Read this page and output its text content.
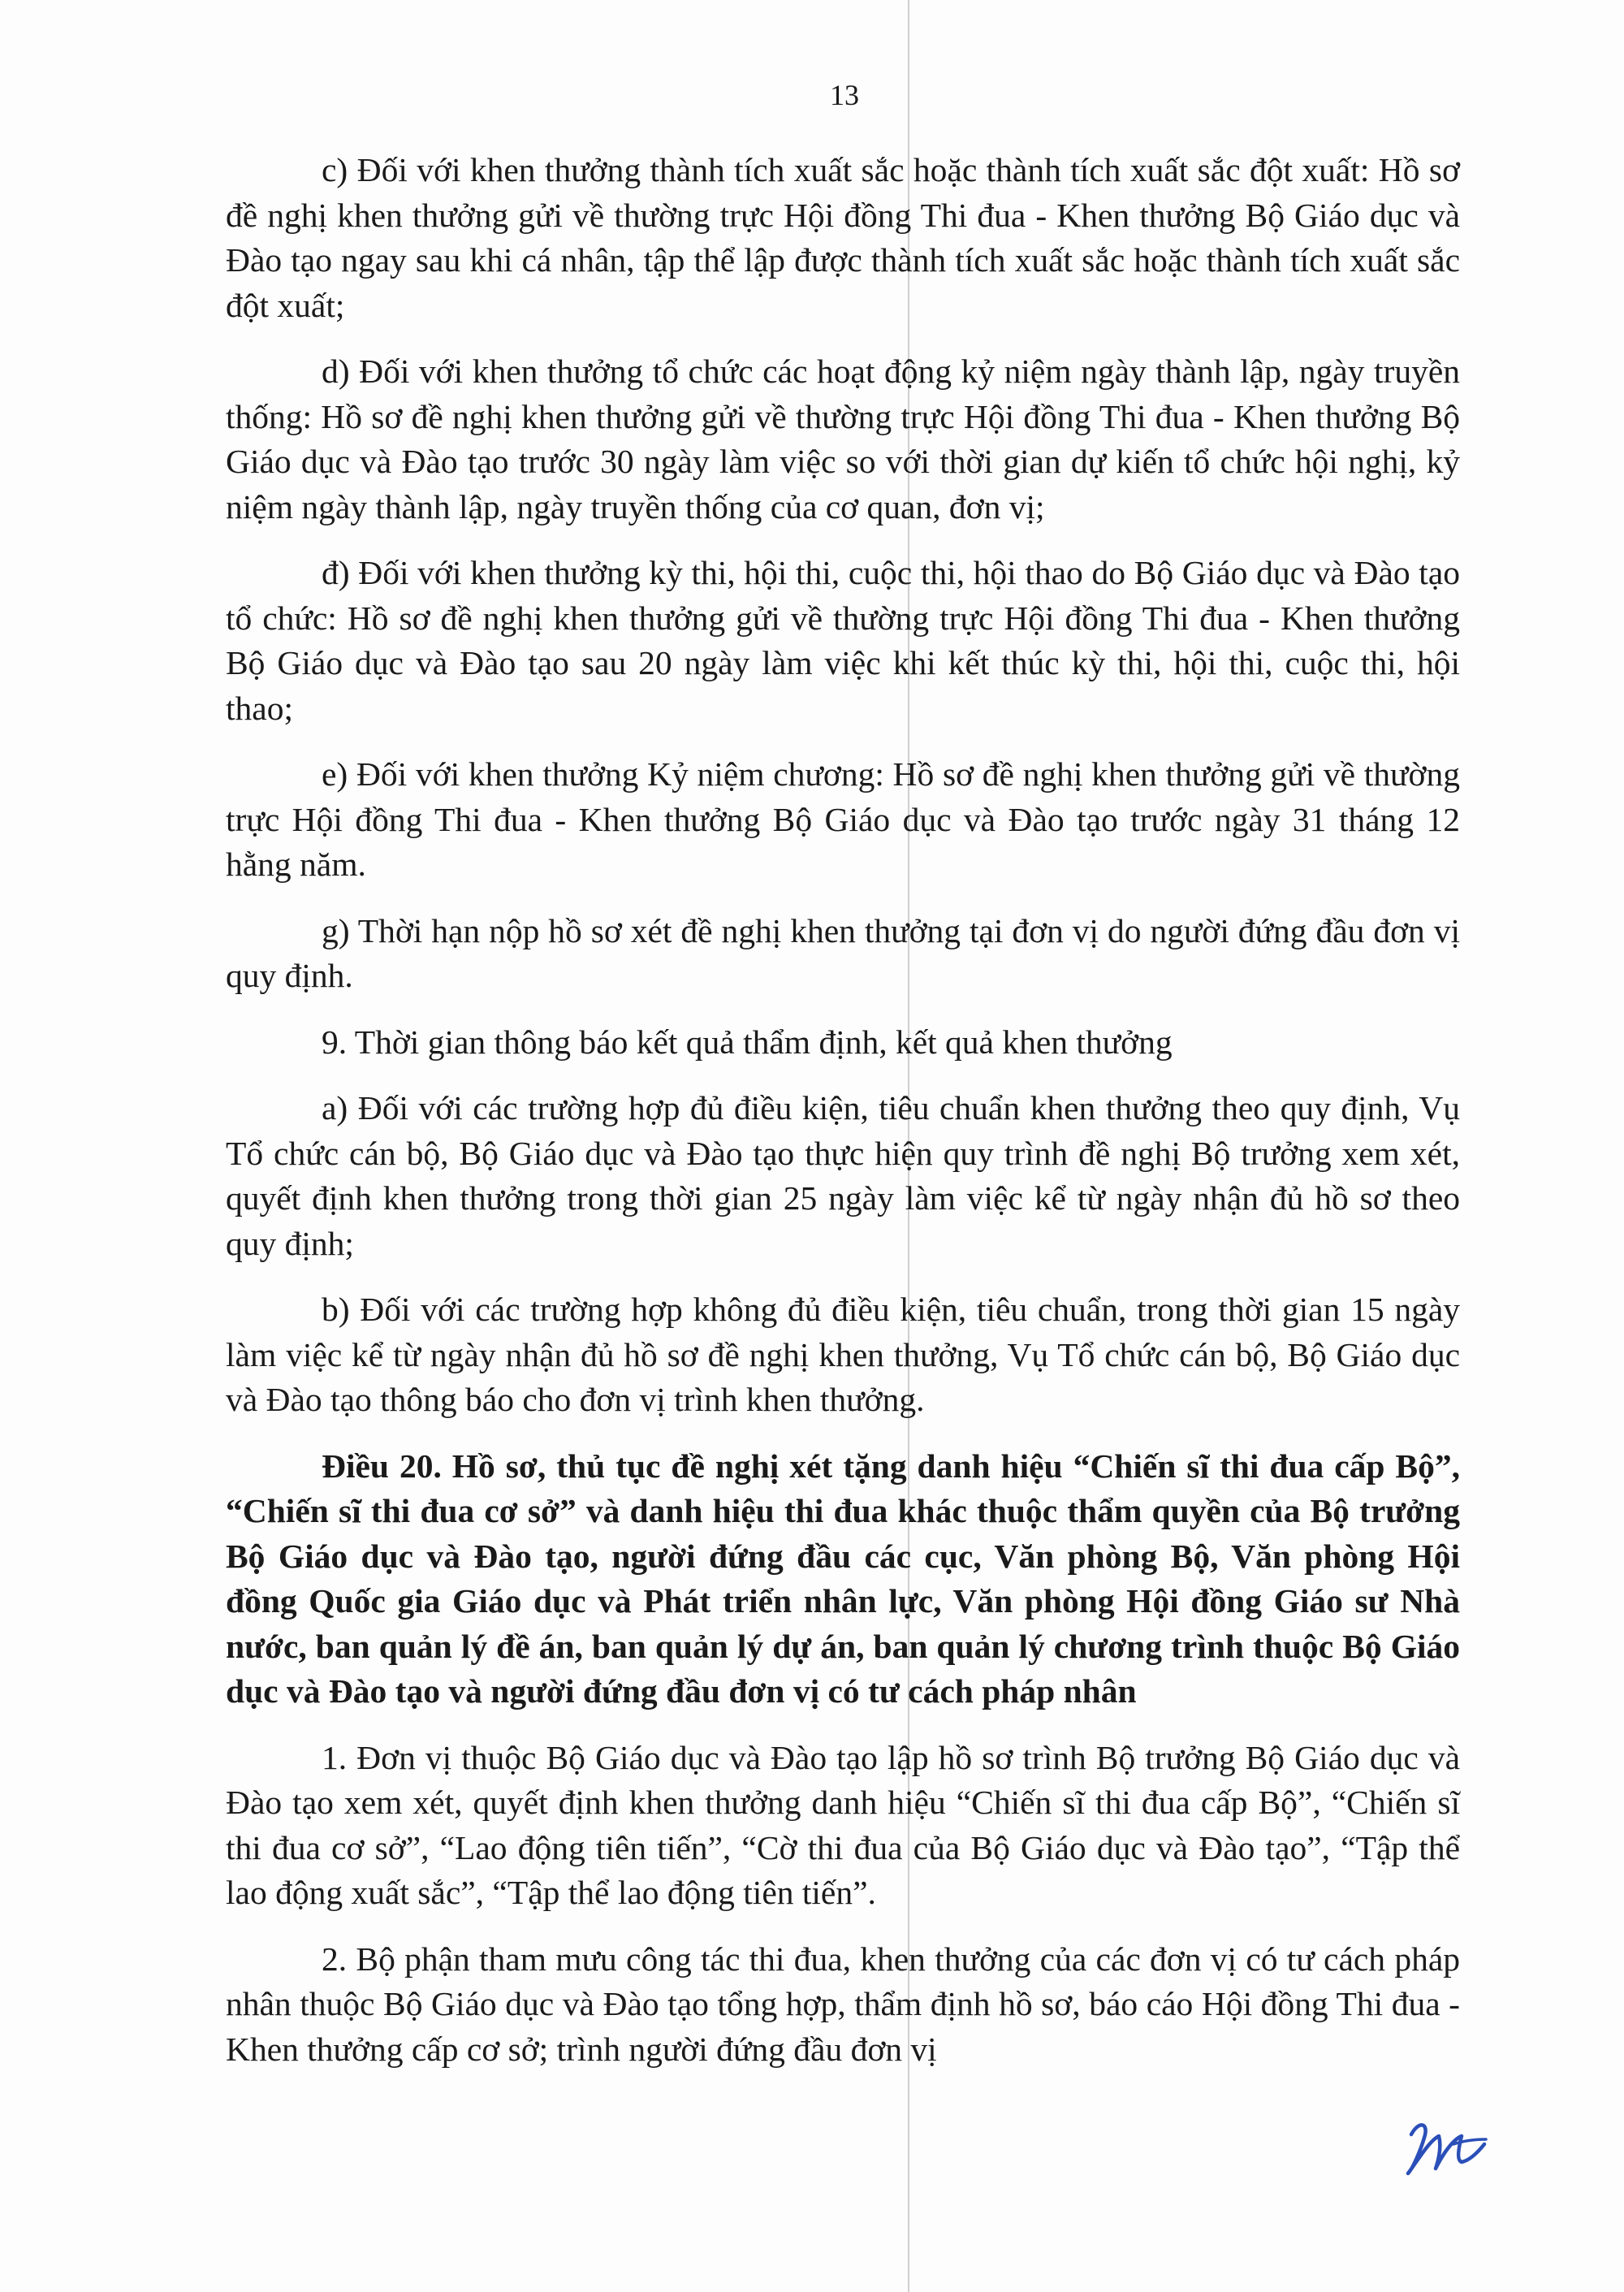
13

c) Đối với khen thưởng thành tích xuất sắc hoặc thành tích xuất sắc đột xuất: Hồ sơ đề nghị khen thưởng gửi về thường trực Hội đồng Thi đua - Khen thưởng Bộ Giáo dục và Đào tạo ngay sau khi cá nhân, tập thể lập được thành tích xuất sắc hoặc thành tích xuất sắc đột xuất;

d) Đối với khen thưởng tổ chức các hoạt động kỷ niệm ngày thành lập, ngày truyền thống: Hồ sơ đề nghị khen thưởng gửi về thường trực Hội đồng Thi đua - Khen thưởng Bộ Giáo dục và Đào tạo trước 30 ngày làm việc so với thời gian dự kiến tổ chức hội nghị, kỷ niệm ngày thành lập, ngày truyền thống của cơ quan, đơn vị;

đ) Đối với khen thưởng kỳ thi, hội thi, cuộc thi, hội thao do Bộ Giáo dục và Đào tạo tổ chức: Hồ sơ đề nghị khen thưởng gửi về thường trực Hội đồng Thi đua - Khen thưởng Bộ Giáo dục và Đào tạo sau 20 ngày làm việc khi kết thúc kỳ thi, hội thi, cuộc thi, hội thao;

e) Đối với khen thưởng Kỷ niệm chương: Hồ sơ đề nghị khen thưởng gửi về thường trực Hội đồng Thi đua - Khen thưởng Bộ Giáo dục và Đào tạo trước ngày 31 tháng 12 hằng năm.

g) Thời hạn nộp hồ sơ xét đề nghị khen thưởng tại đơn vị do người đứng đầu đơn vị quy định.

9. Thời gian thông báo kết quả thẩm định, kết quả khen thưởng

a) Đối với các trường hợp đủ điều kiện, tiêu chuẩn khen thưởng theo quy định, Vụ Tổ chức cán bộ, Bộ Giáo dục và Đào tạo thực hiện quy trình đề nghị Bộ trưởng xem xét, quyết định khen thưởng trong thời gian 25 ngày làm việc kể từ ngày nhận đủ hồ sơ theo quy định;

b) Đối với các trường hợp không đủ điều kiện, tiêu chuẩn, trong thời gian 15 ngày làm việc kể từ ngày nhận đủ hồ sơ đề nghị khen thưởng, Vụ Tổ chức cán bộ, Bộ Giáo dục và Đào tạo thông báo cho đơn vị trình khen thưởng.

Điều 20. Hồ sơ, thủ tục đề nghị xét tặng danh hiệu “Chiến sĩ thi đua cấp Bộ”, “Chiến sĩ thi đua cơ sở” và danh hiệu thi đua khác thuộc thẩm quyền của Bộ trưởng Bộ Giáo dục và Đào tạo, người đứng đầu các cục, Văn phòng Bộ, Văn phòng Hội đồng Quốc gia Giáo dục và Phát triển nhân lực, Văn phòng Hội đồng Giáo sư Nhà nước, ban quản lý đề án, ban quản lý dự án, ban quản lý chương trình thuộc Bộ Giáo dục và Đào tạo và người đứng đầu đơn vị có tư cách pháp nhân

1. Đơn vị thuộc Bộ Giáo dục và Đào tạo lập hồ sơ trình Bộ trưởng Bộ Giáo dục và Đào tạo xem xét, quyết định khen thưởng danh hiệu “Chiến sĩ thi đua cấp Bộ”, “Chiến sĩ thi đua cơ sở”, “Lao động tiên tiến”, “Cờ thi đua của Bộ Giáo dục và Đào tạo”, “Tập thể lao động xuất sắc”, “Tập thể lao động tiên tiến”.

2. Bộ phận tham mưu công tác thi đua, khen thưởng của các đơn vị có tư cách pháp nhân thuộc Bộ Giáo dục và Đào tạo tổng hợp, thẩm định hồ sơ, báo cáo Hội đồng Thi đua - Khen thưởng cấp cơ sở; trình người đứng đầu đơn vị
